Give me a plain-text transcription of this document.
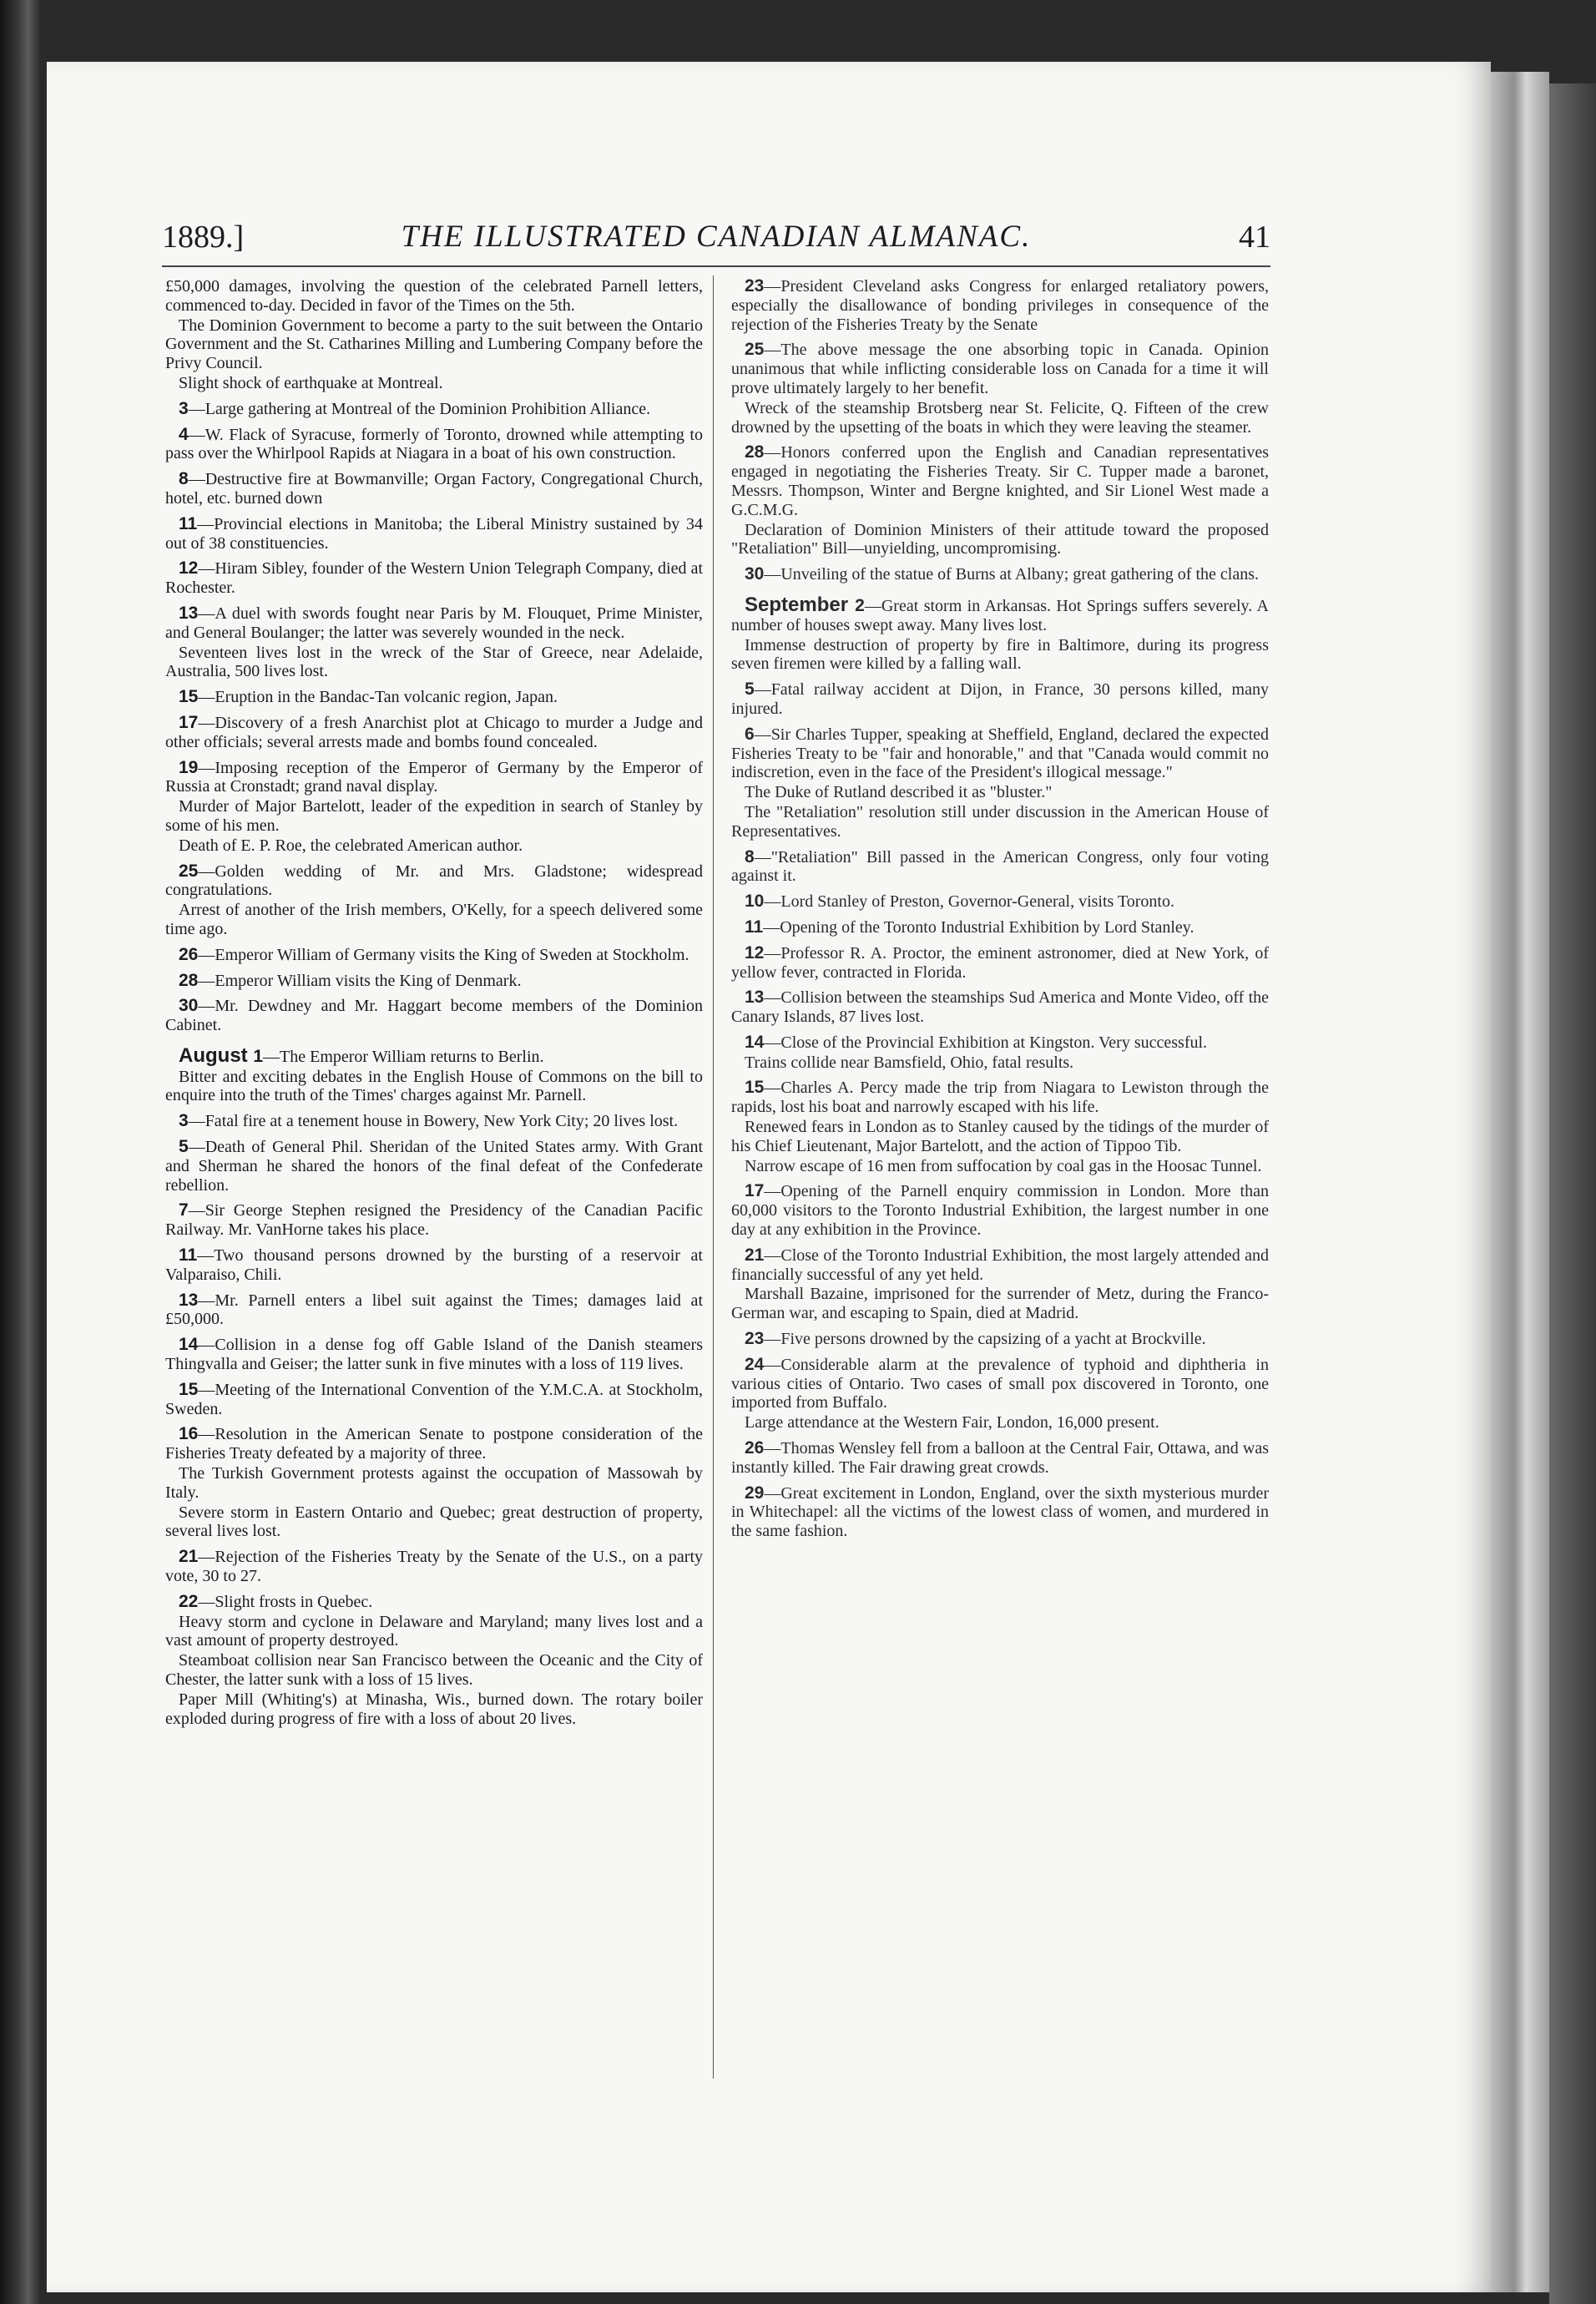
1889.]	THE ILLUSTRATED CANADIAN ALMANAC.	41

£50,000 damages, involving the question of the celebrated Parnell letters, commenced to-day. Decided in favor of the Times on the 5th.

The Dominion Government to become a party to the suit between the Ontario Government and the St. Catharines Milling and Lumbering Company before the Privy Council.

Slight shock of earthquake at Montreal.

3—Large gathering at Montreal of the Dominion Prohibition Alliance.

4—W. Flack of Syracuse, formerly of Toronto, drowned while attempting to pass over the Whirlpool Rapids at Niagara in a boat of his own construction.

8—Destructive fire at Bowmanville; Organ Factory, Congregational Church, hotel, etc. burned down

11—Provincial elections in Manitoba; the Liberal Ministry sustained by 34 out of 38 constituencies.

12—Hiram Sibley, founder of the Western Union Telegraph Company, died at Rochester.

13—A duel with swords fought near Paris by M. Flouquet, Prime Minister, and General Boulanger; the latter was severely wounded in the neck.

Seventeen lives lost in the wreck of the Star of Greece, near Adelaide, Australia, 500 lives lost.

15—Eruption in the Bandac-Tan volcanic region, Japan.

17—Discovery of a fresh Anarchist plot at Chicago to murder a Judge and other officials; several arrests made and bombs found concealed.

19—Imposing reception of the Emperor of Germany by the Emperor of Russia at Cronstadt; grand naval display.

Murder of Major Bartelott, leader of the expedition in search of Stanley by some of his men.

Death of E. P. Roe, the celebrated American author.

25—Golden wedding of Mr. and Mrs. Gladstone; widespread congratulations.

Arrest of another of the Irish members, O'Kelly, for a speech delivered some time ago.

26—Emperor William of Germany visits the King of Sweden at Stockholm.

28—Emperor William visits the King of Denmark.

30—Mr. Dewdney and Mr. Haggart become members of the Dominion Cabinet.

August 1—The Emperor William returns to Berlin.

Bitter and exciting debates in the English House of Commons on the bill to enquire into the truth of the Times' charges against Mr. Parnell.

3—Fatal fire at a tenement house in Bowery, New York City; 20 lives lost.

5—Death of General Phil. Sheridan of the United States army. With Grant and Sherman he shared the honors of the final defeat of the Confederate rebellion.

7—Sir George Stephen resigned the Presidency of the Canadian Pacific Railway. Mr. VanHorne takes his place.

11—Two thousand persons drowned by the bursting of a reservoir at Valparaiso, Chili.

13—Mr. Parnell enters a libel suit against the Times; damages laid at £50,000.

14—Collision in a dense fog off Gable Island of the Danish steamers Thingvalla and Geiser; the latter sunk in five minutes with a loss of 119 lives.

15—Meeting of the International Convention of the Y.M.C.A. at Stockholm, Sweden.

16—Resolution in the American Senate to postpone consideration of the Fisheries Treaty defeated by a majority of three.

The Turkish Government protests against the occupation of Massowah by Italy.

Severe storm in Eastern Ontario and Quebec; great destruction of property, several lives lost.

21—Rejection of the Fisheries Treaty by the Senate of the U.S., on a party vote, 30 to 27.

22—Slight frosts in Quebec.

Heavy storm and cyclone in Delaware and Maryland; many lives lost and a vast amount of property destroyed.

Steamboat collision near San Francisco between the Oceanic and the City of Chester, the latter sunk with a loss of 15 lives.

Paper Mill (Whiting's) at Minasha, Wis., burned down. The rotary boiler exploded during progress of fire with a loss of about 20 lives.

23—President Cleveland asks Congress for enlarged retaliatory powers, especially the disallowance of bonding privileges in consequence of the rejection of the Fisheries Treaty by the Senate

25—The above message the one absorbing topic in Canada. Opinion unanimous that while inflicting considerable loss on Canada for a time it will prove ultimately largely to her benefit.

Wreck of the steamship Brotsberg near St. Felicite, Q. Fifteen of the crew drowned by the upsetting of the boats in which they were leaving the steamer.

28—Honors conferred upon the English and Canadian representatives engaged in negotiating the Fisheries Treaty. Sir C. Tupper made a baronet, Messrs. Thompson, Winter and Bergne knighted, and Sir Lionel West made a G.C.M.G.

Declaration of Dominion Ministers of their attitude toward the proposed "Retaliation" Bill—unyielding, uncompromising.

30—Unveiling of the statue of Burns at Albany; great gathering of the clans.

September 2—Great storm in Arkansas. Hot Springs suffers severely. A number of houses swept away. Many lives lost.

Immense destruction of property by fire in Baltimore, during its progress seven firemen were killed by a falling wall.

5—Fatal railway accident at Dijon, in France, 30 persons killed, many injured.

6—Sir Charles Tupper, speaking at Sheffield, England, declared the expected Fisheries Treaty to be "fair and honorable," and that "Canada would commit no indiscretion, even in the face of the President's illogical message."

The Duke of Rutland described it as "bluster."

The "Retaliation" resolution still under discussion in the American House of Representatives.

8—"Retaliation" Bill passed in the American Congress, only four voting against it.

10—Lord Stanley of Preston, Governor-General, visits Toronto.

11—Opening of the Toronto Industrial Exhibition by Lord Stanley.

12—Professor R. A. Proctor, the eminent astronomer, died at New York, of yellow fever, contracted in Florida.

13—Collision between the steamships Sud America and Monte Video, off the Canary Islands, 87 lives lost.

14—Close of the Provincial Exhibition at Kingston. Very successful.

Trains collide near Bamsfield, Ohio, fatal results.

15—Charles A. Percy made the trip from Niagara to Lewiston through the rapids, lost his boat and narrowly escaped with his life.

Renewed fears in London as to Stanley caused by the tidings of the murder of his Chief Lieutenant, Major Bartelott, and the action of Tippoo Tib.

Narrow escape of 16 men from suffocation by coal gas in the Hoosac Tunnel.

17—Opening of the Parnell enquiry commission in London. More than 60,000 visitors to the Toronto Industrial Exhibition, the largest number in one day at any exhibition in the Province.

21—Close of the Toronto Industrial Exhibition, the most largely attended and financially successful of any yet held.

Marshall Bazaine, imprisoned for the surrender of Metz, during the Franco-German war, and escaping to Spain, died at Madrid.

23—Five persons drowned by the capsizing of a yacht at Brockville.

24—Considerable alarm at the prevalence of typhoid and diphtheria in various cities of Ontario. Two cases of small pox discovered in Toronto, one imported from Buffalo.

Large attendance at the Western Fair, London, 16,000 present.

26—Thomas Wensley fell from a balloon at the Central Fair, Ottawa, and was instantly killed. The Fair drawing great crowds.

29—Great excitement in London, England, over the sixth mysterious murder in Whitechapel: all the victims of the lowest class of women, and murdered in the same fashion.
